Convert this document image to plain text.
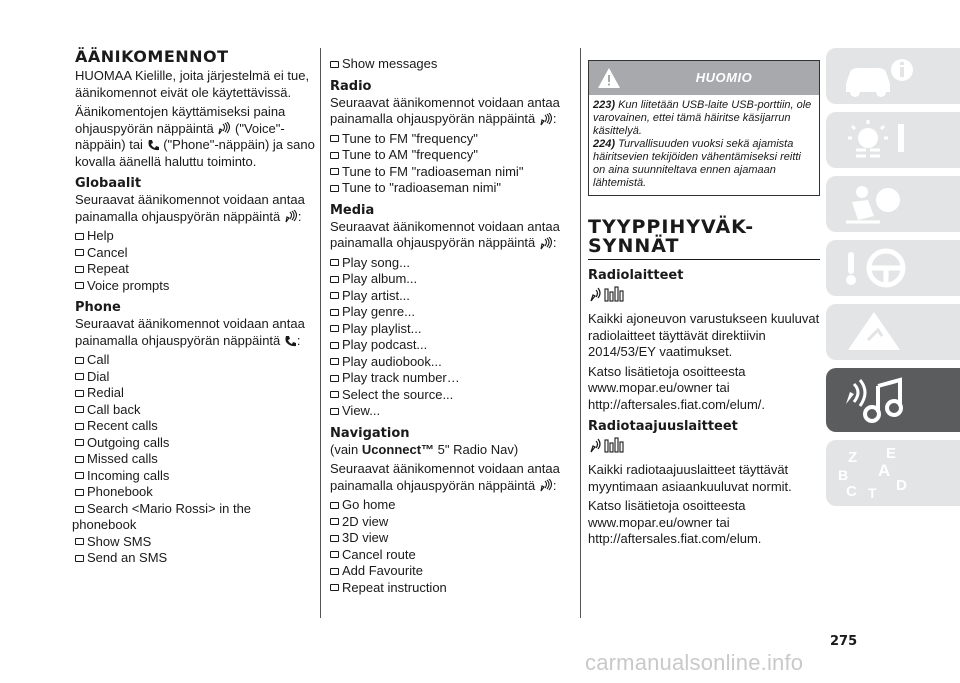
ÄÄNIKOMENNOT
HUOMAA Kielille, joita järjestelmä ei tue, äänikomennot eivät ole käytettävissä.
Äänikomentojen käyttämiseksi paina ohjauspyörän näppäintä ("Voice"-näppäin) tai ("Phone"-näppäin) ja sano kovalla äänellä haluttu toiminto.
Globaalit
Seuraavat äänikomennot voidaan antaa painamalla ohjauspyörän näppäintä :
Help
Cancel
Repeat
Voice prompts
Phone
Seuraavat äänikomennot voidaan antaa painamalla ohjauspyörän näppäintä :
Call
Dial
Redial
Call back
Recent calls
Outgoing calls
Missed calls
Incoming calls
Phonebook
Search <Mario Rossi> in the phonebook
Show SMS
Send an SMS
Show messages
Radio
Seuraavat äänikomennot voidaan antaa painamalla ohjauspyörän näppäintä :
Tune to FM "frequency"
Tune to AM "frequency"
Tune to FM "radioaseman nimi"
Tune to "radioaseman nimi"
Media
Seuraavat äänikomennot voidaan antaa painamalla ohjauspyörän näppäintä :
Play song...
Play album...
Play artist...
Play genre...
Play playlist...
Play podcast...
Play audiobook...
Play track number…
Select the source...
View...
Navigation
(vain Uconnect™ 5" Radio Nav)
Seuraavat äänikomennot voidaan antaa painamalla ohjauspyörän näppäintä :
Go home
2D view
3D view
Cancel route
Add Favourite
Repeat instruction
HUOMIO
223) Kun liitetään USB-laite USB-porttiin, ole varovainen, ettei tämä häiritse käsijarrun käsittelyä.
224) Turvallisuuden vuoksi sekä ajamista häiritsevien tekijöiden vähentämiseksi reitti on aina suunniteltava ennen ajamaan lähtemistä.
TYYPPIHYVÄK-
SYNNÄT
Radiolaitteet
Kaikki ajoneuvon varustukseen kuuluvat radiolaitteet täyttävät direktiivin 2014/53/EY vaatimukset.
Katso lisätietoja osoitteesta www.mopar.eu/owner tai http://aftersales.fiat.com/elum/.
Radiotaajuuslaitteet
Kaikki radiotaajuuslaitteet täyttävät myyntimaan asiaankuuluvat normit.
Katso lisätietoja osoitteesta www.mopar.eu/owner tai http://aftersales.fiat.com/elum.
Z E
B A
C T D
275
carmanualsonline.info
